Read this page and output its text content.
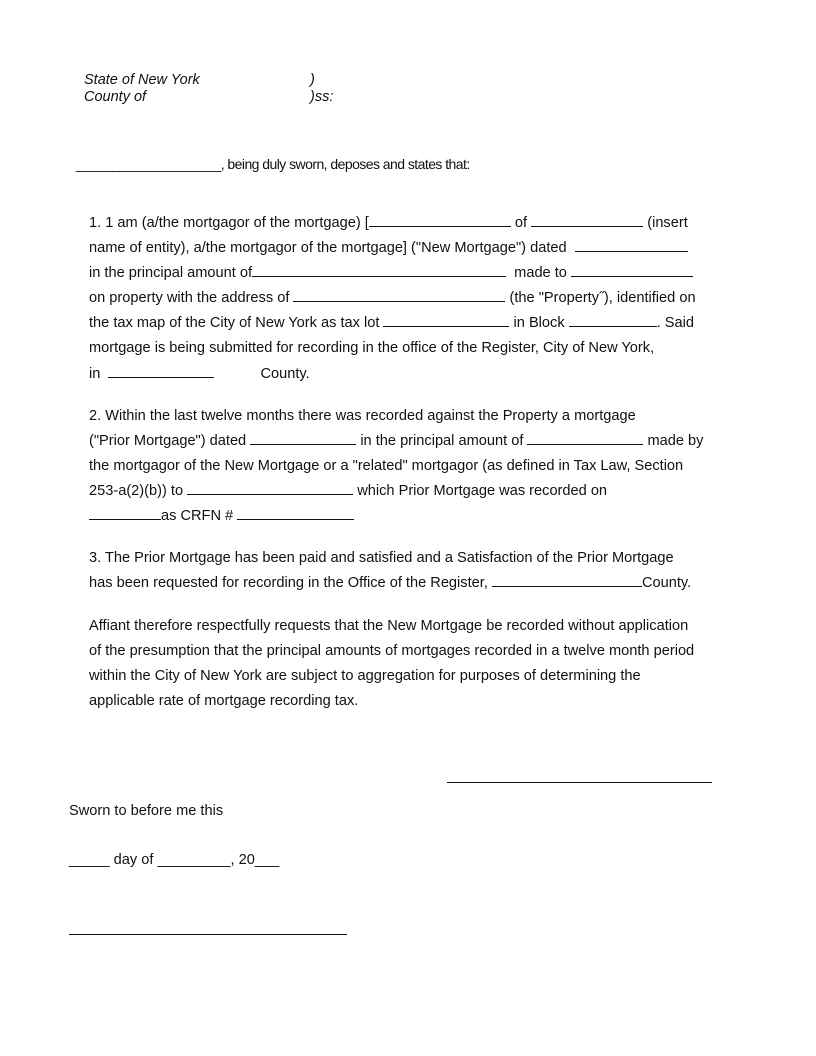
State of New York
County of
)
)ss:
____________________, being duly sworn, deposes and states that:
1. 1 am (a/the mortgagor of the mortgage) [	of	(insert
name of entity), a/the mortgagor of the mortgage] ("New Mortgage") dated
in the principal amount of	made to
on property with the address of	(the "Property˝), identified on
the tax map of the City of New York as tax lot	in Block	. Said
mortgage is being submitted for recording in the office of the Register, City of New York,
in	County.
2. Within the last twelve months there was recorded against the Property a mortgage
("Prior Mortgage") dated	in the principal amount of	made by
the mortgagor of the New Mortgage or a "related" mortgagor (as defined in Tax Law, Section
253-a(2)(b)) to	which Prior Mortgage was recorded on
as CRFN #
3. The Prior Mortgage has been paid and satisfied and a Satisfaction of the Prior Mortgage
has been requested for recording in the Office of the Register,	County.
Affiant therefore respectfully requests that the New Mortgage be recorded without application
of the presumption that the principal amounts of mortgages recorded in a twelve month period
within the City of New York are subject to aggregation for purposes of determining the
applicable rate of mortgage recording tax.
Sworn to before me this
_____ day of _________, 20___
